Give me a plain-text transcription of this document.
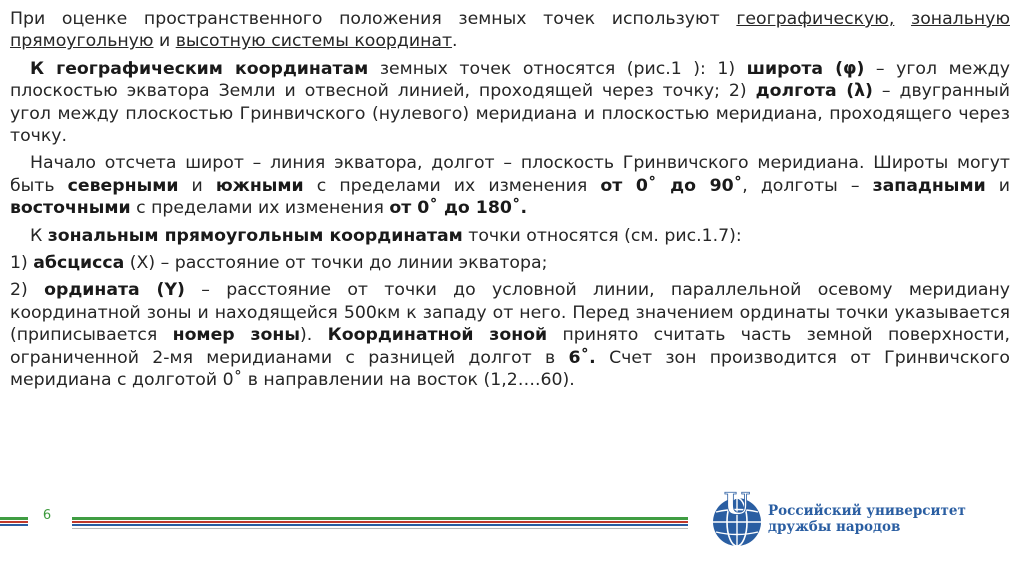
При оценке пространственного положения земных точек используют географическую, зональную прямоугольную и высотную системы координат.

К географическим координатам земных точек относятся (рис.1 ): 1) широта (φ) – угол между плоскостью экватора Земли и отвесной линией, проходящей через точку; 2) долгота (λ) – двугранный угол между плоскостью Гринвичского (нулевого) меридиана и плоскостью меридиана, проходящего через точку.

Начало отсчета широт – линия экватора, долгот – плоскость Гринвичского меридиана. Широты могут быть северными и южными с пределами их изменения от 0˚ до 90˚, долготы – западными и восточными с пределами их изменения от 0˚ до 180˚.

К зональным прямоугольным координатам точки относятся (см. рис.1.7):

1) абсцисса (Х) – расстояние от точки до линии экватора;

2) ордината (Y) – расстояние от точки до условной линии, параллельной осевому меридиану координатной зоны и находящейся 500км к западу от него. Перед значением ординаты точки указывается (приписывается номер зоны). Координатной зоной принято считать часть земной поверхности, ограниченной 2-мя меридианами с разницей долгот в 6˚. Счет зон производится от Гринвичского меридиана с долготой 0˚ в направлении на восток (1,2….60).

6	U Российский университет
дружбы народов
